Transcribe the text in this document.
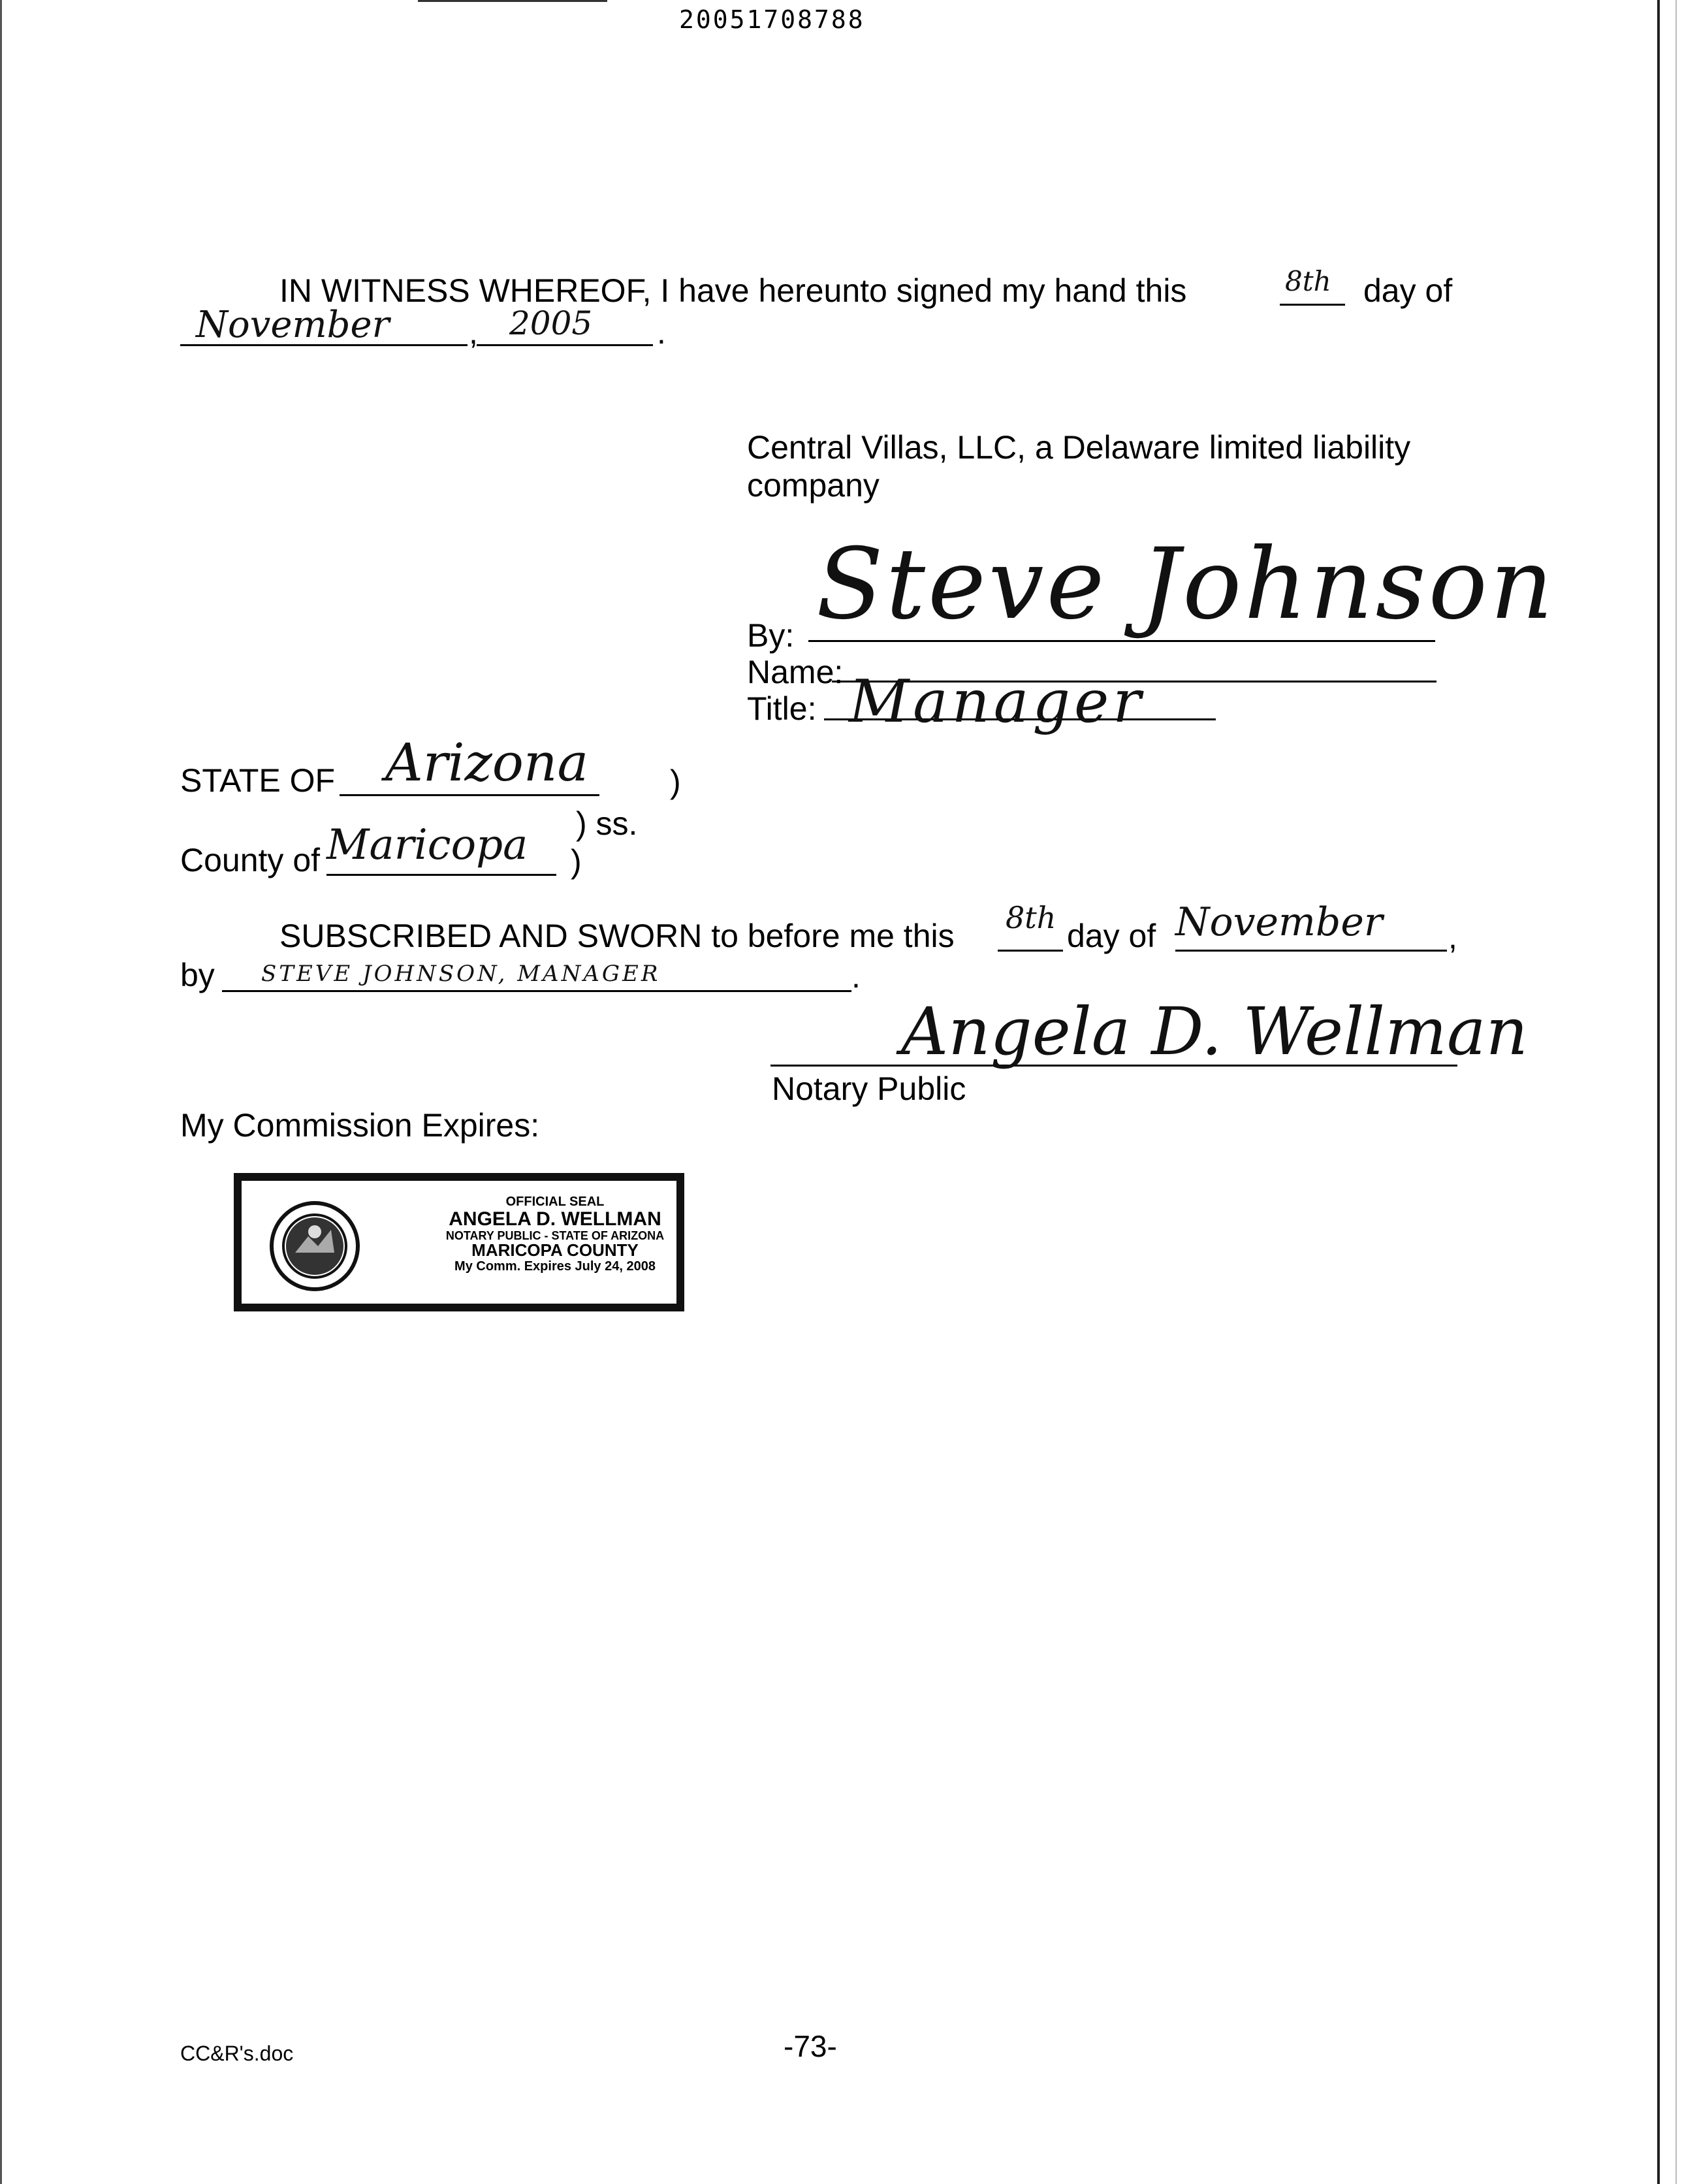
20051708788
IN WITNESS WHEREOF, I have hereunto signed my hand this	8th day of
November , 2005 .
Central Villas, LLC, a Delaware limited liability
company
By: Steve Johnson
Name:
Title: Manager
STATE OF Arizona )
) ss.
County of Maricopa )
SUBSCRIBED AND SWORN to before me this 8th day of November ,
by STEVE JOHNSON, MANAGER	.
Angela D. Wellman
Notary Public
My Commission Expires:
OFFICIAL SEAL
ANGELA D. WELLMAN
NOTARY PUBLIC - STATE OF ARIZONA
MARICOPA COUNTY
My Comm. Expires July 24, 2008
CC&R's.doc	-73-
